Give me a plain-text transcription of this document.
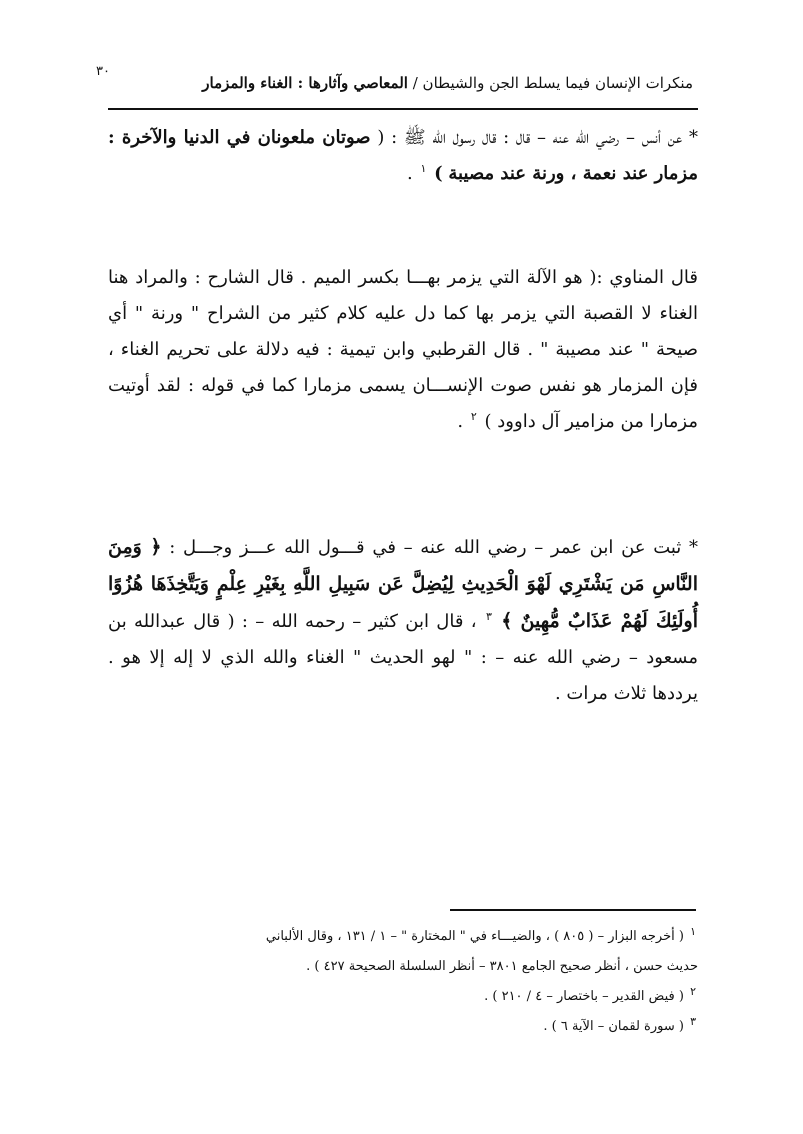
٣٠
منكرات الإنسان فيما يسلط الجن والشيطان / المعاصي وآثارها : الغناء والمزمار
* عن أنس – رضي الله عنه – قال : قال رسول الله ﷺ : ( صوتان ملعونان في الدنيا والآخرة : مزمار عند نعمة ، ورنة عند مصيبة ) $^١$ .
قال المناوي :( هو الآلة التي يزمر بهـــا بكسر الميم . قال الشارح : والمراد هنا الغناء لا القصبة التي يزمر بها كما دل عليه كلام كثير من الشراح " ورنة " أي صيحة " عند مصيبة " . قال القرطبي وابن تيمية : فيه دلالة على تحريم الغناء ، فإن المزمار هو نفس صوت الإنســـان يسمى مزمارا كما في قوله : لقد أوتيت مزمارا من مزامير آل داوود ) $^٢$ .
* ثبت عن ابن عمر – رضي الله عنه – في قـــول الله عـــز وجـــل : ﴿ وَمِنَ النَّاسِ مَن يَشْتَرِي لَهْوَ الْحَدِيثِ لِيُضِلَّ عَن سَبِيلِ اللَّهِ بِغَيْرِ عِلْمٍ وَيَتَّخِذَهَا هُزُوًا أُولَئِكَ لَهُمْ عَذَابٌ مُّهِينٌ ﴾ $^٣$ ، قال ابن كثير – رحمه الله – : ( قال عبدالله بن مسعود – رضي الله عنه – : " لهو الحديث " الغناء والله الذي لا إله إلا هو . يرددها ثلاث مرات .
$^١$ ( أخرجه البزار – ( ٨٠٥ ) ، والضيـــاء في " المختارة " – ١ / ١٣١ ، وقال الألباني
حديث حسن ، أنظر صحيح الجامع ٣٨٠١ – أنظر السلسلة الصحيحة ٤٢٧ ) .
$^٢$ ( فيض القدير – باختصار – ٤ / ٢١٠ ) .
$^٣$ ( سورة لقمان – الآية ٦ ) .
